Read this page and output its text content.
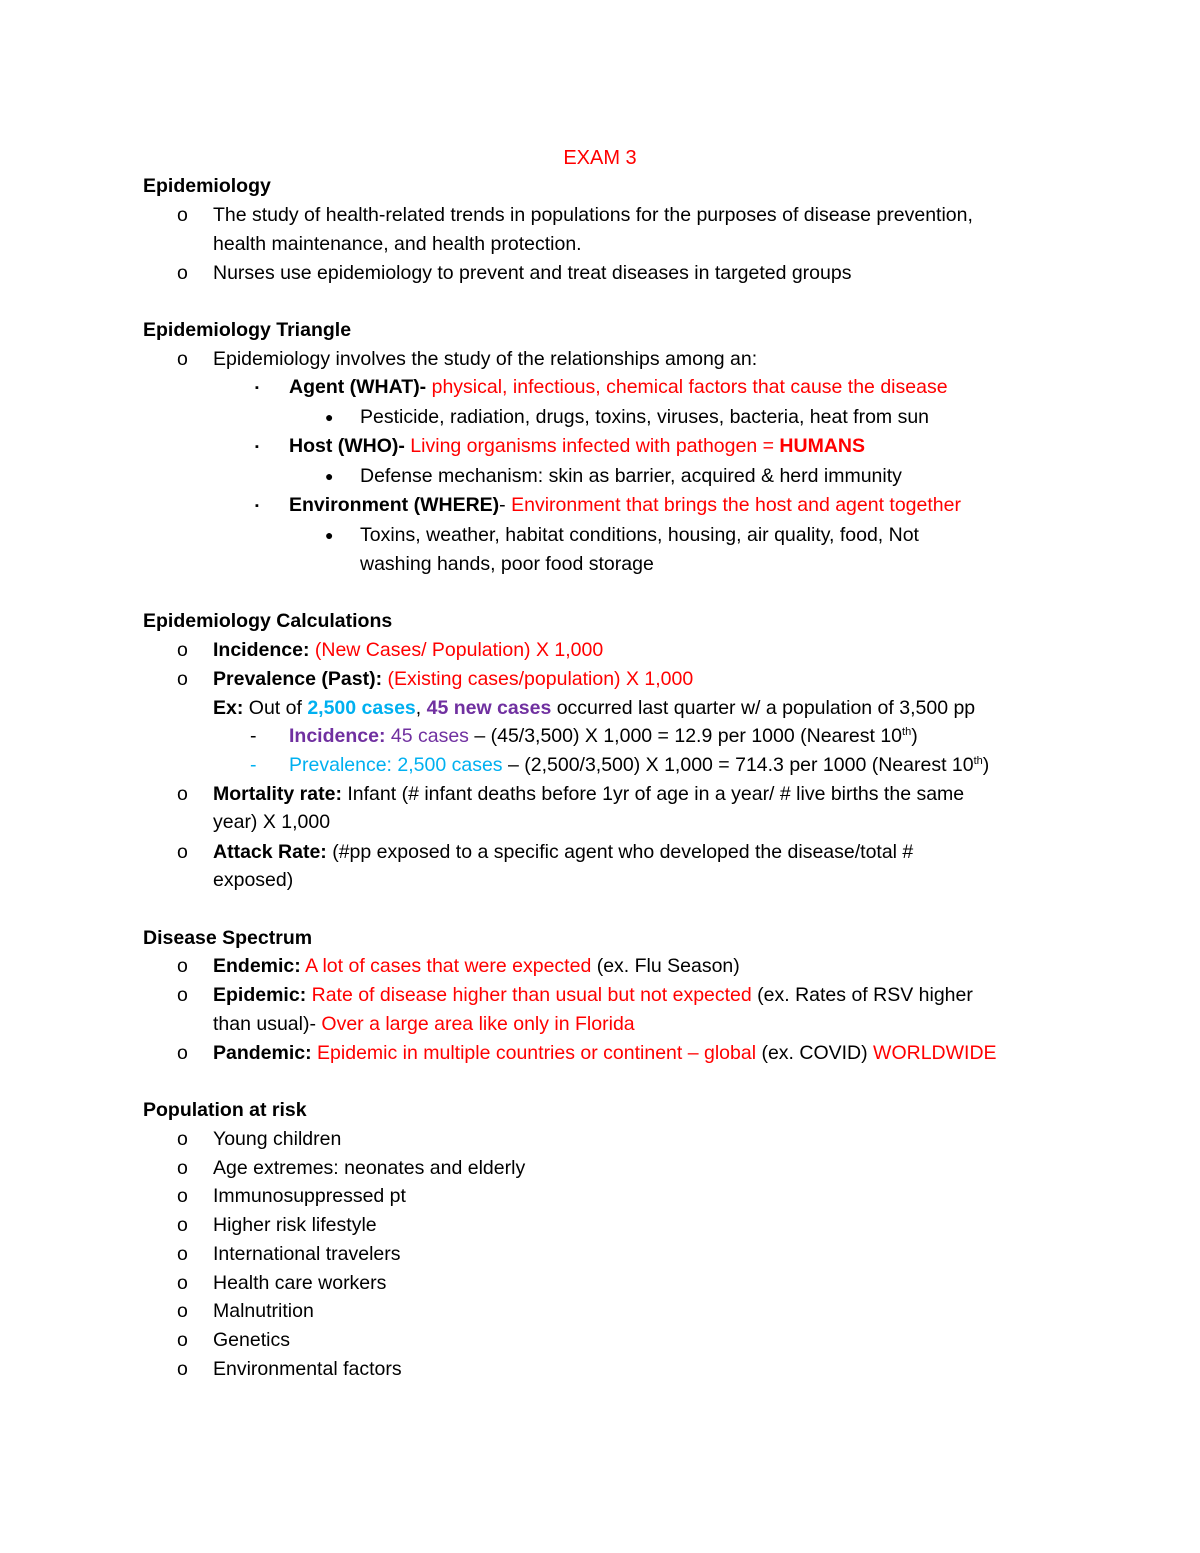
EXAM 3
Epidemiology
o The study of health-related trends in populations for the purposes of disease prevention,
health maintenance, and health protection.
o Nurses use epidemiology to prevent and treat diseases in targeted groups
Epidemiology Triangle
o Epidemiology involves the study of the relationships among an:
▪ Agent (WHAT)- physical, infectious, chemical factors that cause the disease
● Pesticide, radiation, drugs, toxins, viruses, bacteria, heat from sun
▪ Host (WHO)- Living organisms infected with pathogen = HUMANS
● Defense mechanism: skin as barrier, acquired & herd immunity
▪ Environment (WHERE)- Environment that brings the host and agent together
● Toxins, weather, habitat conditions, housing, air quality, food, Not
washing hands, poor food storage
Epidemiology Calculations
o Incidence: (New Cases/ Population) X 1,000
o Prevalence (Past): (Existing cases/population) X 1,000
Ex: Out of 2,500 cases, 45 new cases occurred last quarter w/ a population of 3,500 pp
- Incidence: 45 cases – (45/3,500) X 1,000 = 12.9 per 1000 (Nearest 10th)
- Prevalence: 2,500 cases – (2,500/3,500) X 1,000 = 714.3 per 1000 (Nearest 10th)
o Mortality rate: Infant (# infant deaths before 1yr of age in a year/ # live births the same
year) X 1,000
o Attack Rate: (#pp exposed to a specific agent who developed the disease/total #
exposed)
Disease Spectrum
o Endemic: A lot of cases that were expected (ex. Flu Season)
o Epidemic: Rate of disease higher than usual but not expected (ex. Rates of RSV higher
than usual)- Over a large area like only in Florida
o Pandemic: Epidemic in multiple countries or continent – global (ex. COVID) WORLDWIDE
Population at risk
o Young children
o Age extremes: neonates and elderly
o Immunosuppressed pt
o Higher risk lifestyle
o International travelers
o Health care workers
o Malnutrition
o Genetics
o Environmental factors
